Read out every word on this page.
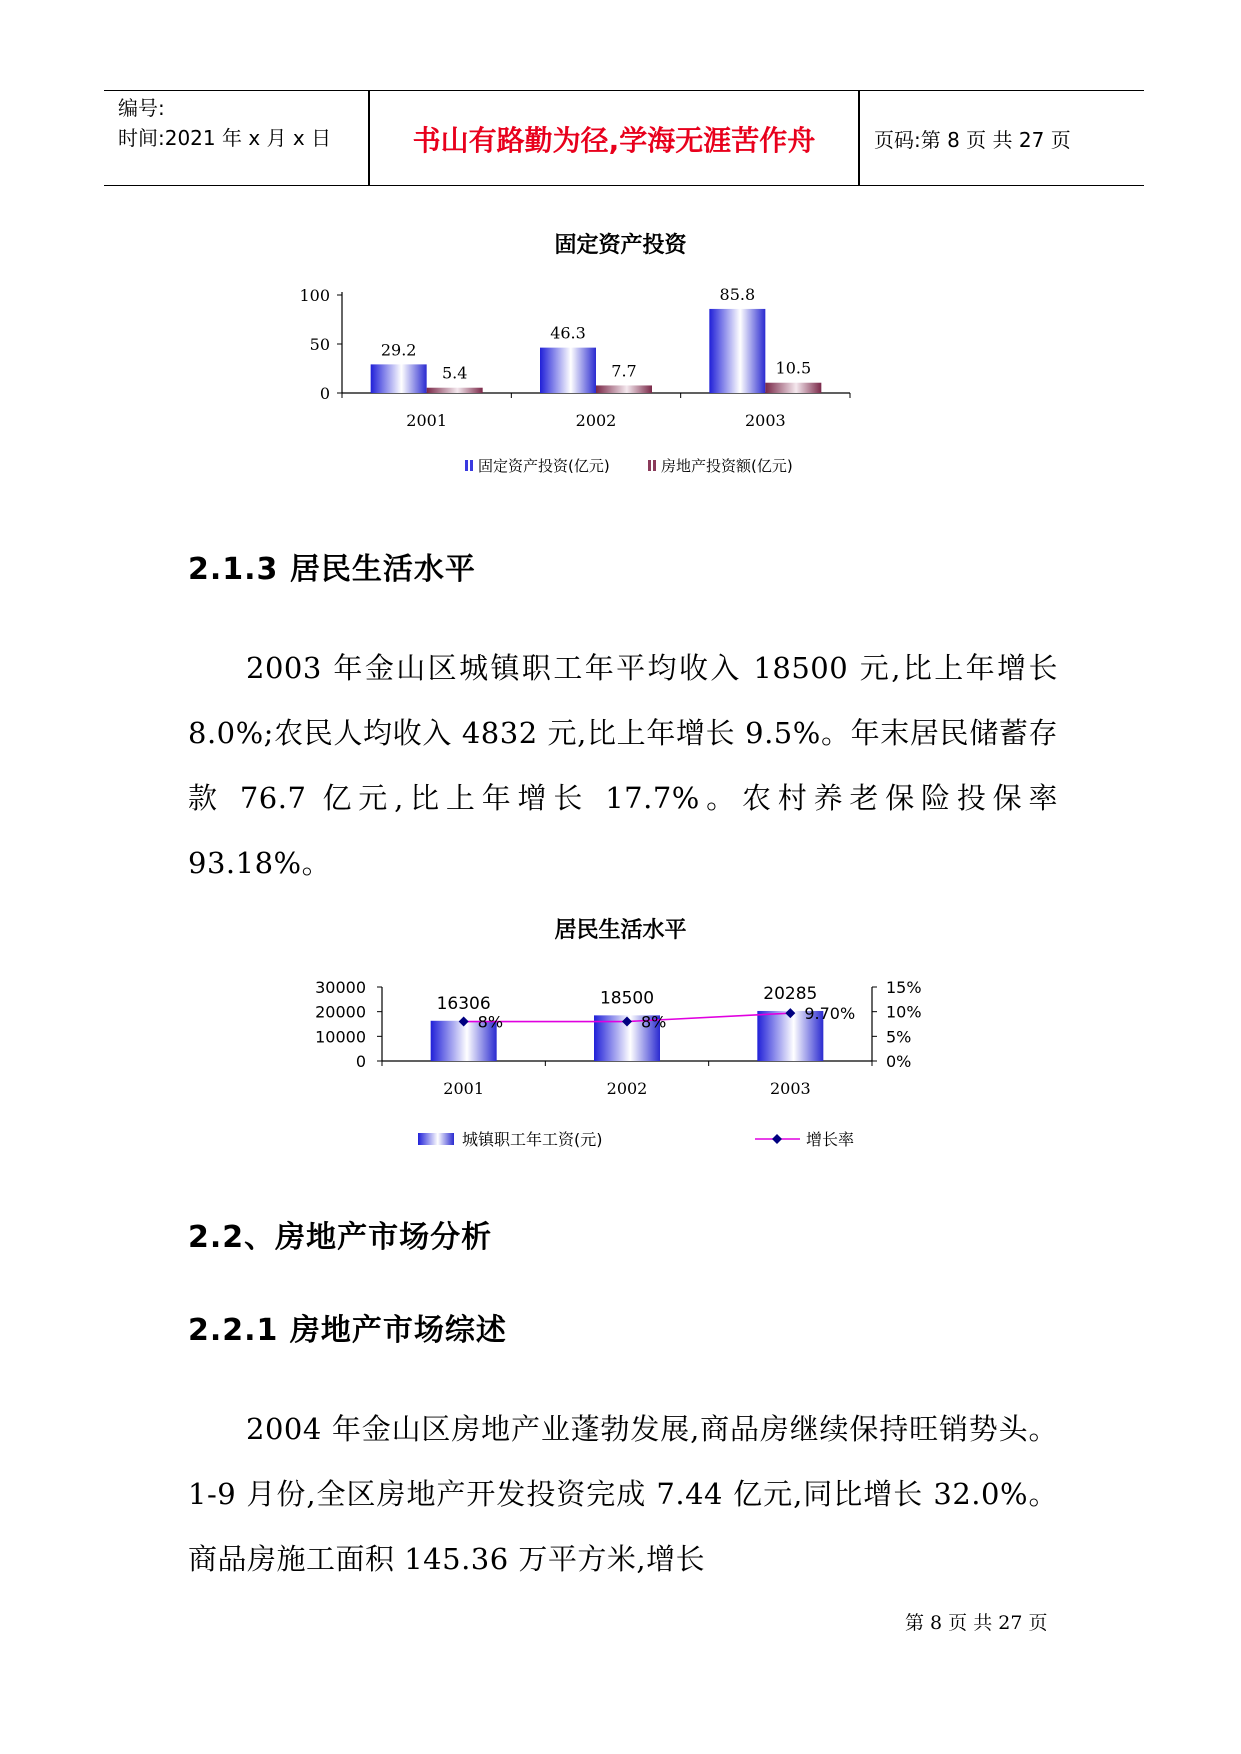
编号:
时间:2021 年 x 月 x 日	书山有路勤为径,学海无涯苦作舟	页码:第 8 页 共 27 页
固定资产投资
0
50
100
2001	2002	2003
29.2
5.4
46.3
7.7
85.8
10.5
固定资产投资(亿元)	房地产投资额(亿元)
2.1.3 居民生活水平
2003 年金山区城镇职工年平均收入 18500 元,比上年增长 8.0%;农民人均收入 4832 元,比上年增长 9.5%。年末居民储蓄存款 76.7 亿元,比上年增长 17.7%。农村养老保险投保率 93.18%。
居民生活水平
0
10000
20000
30000
0%
5%
10%
15%
2001	2002	2003
16306	18500	20285
8%	8%	9.70%
城镇职工年工资(元)	增长率
2.2、房地产市场分析
2.2.1 房地产市场综述
2004 年金山区房地产业蓬勃发展,商品房继续保持旺销势头。1-9 月份,全区房地产开发投资完成 7.44 亿元,同比增长 32.0%。商品房施工面积 145.36 万平方米,增长
第 8 页 共 27 页
